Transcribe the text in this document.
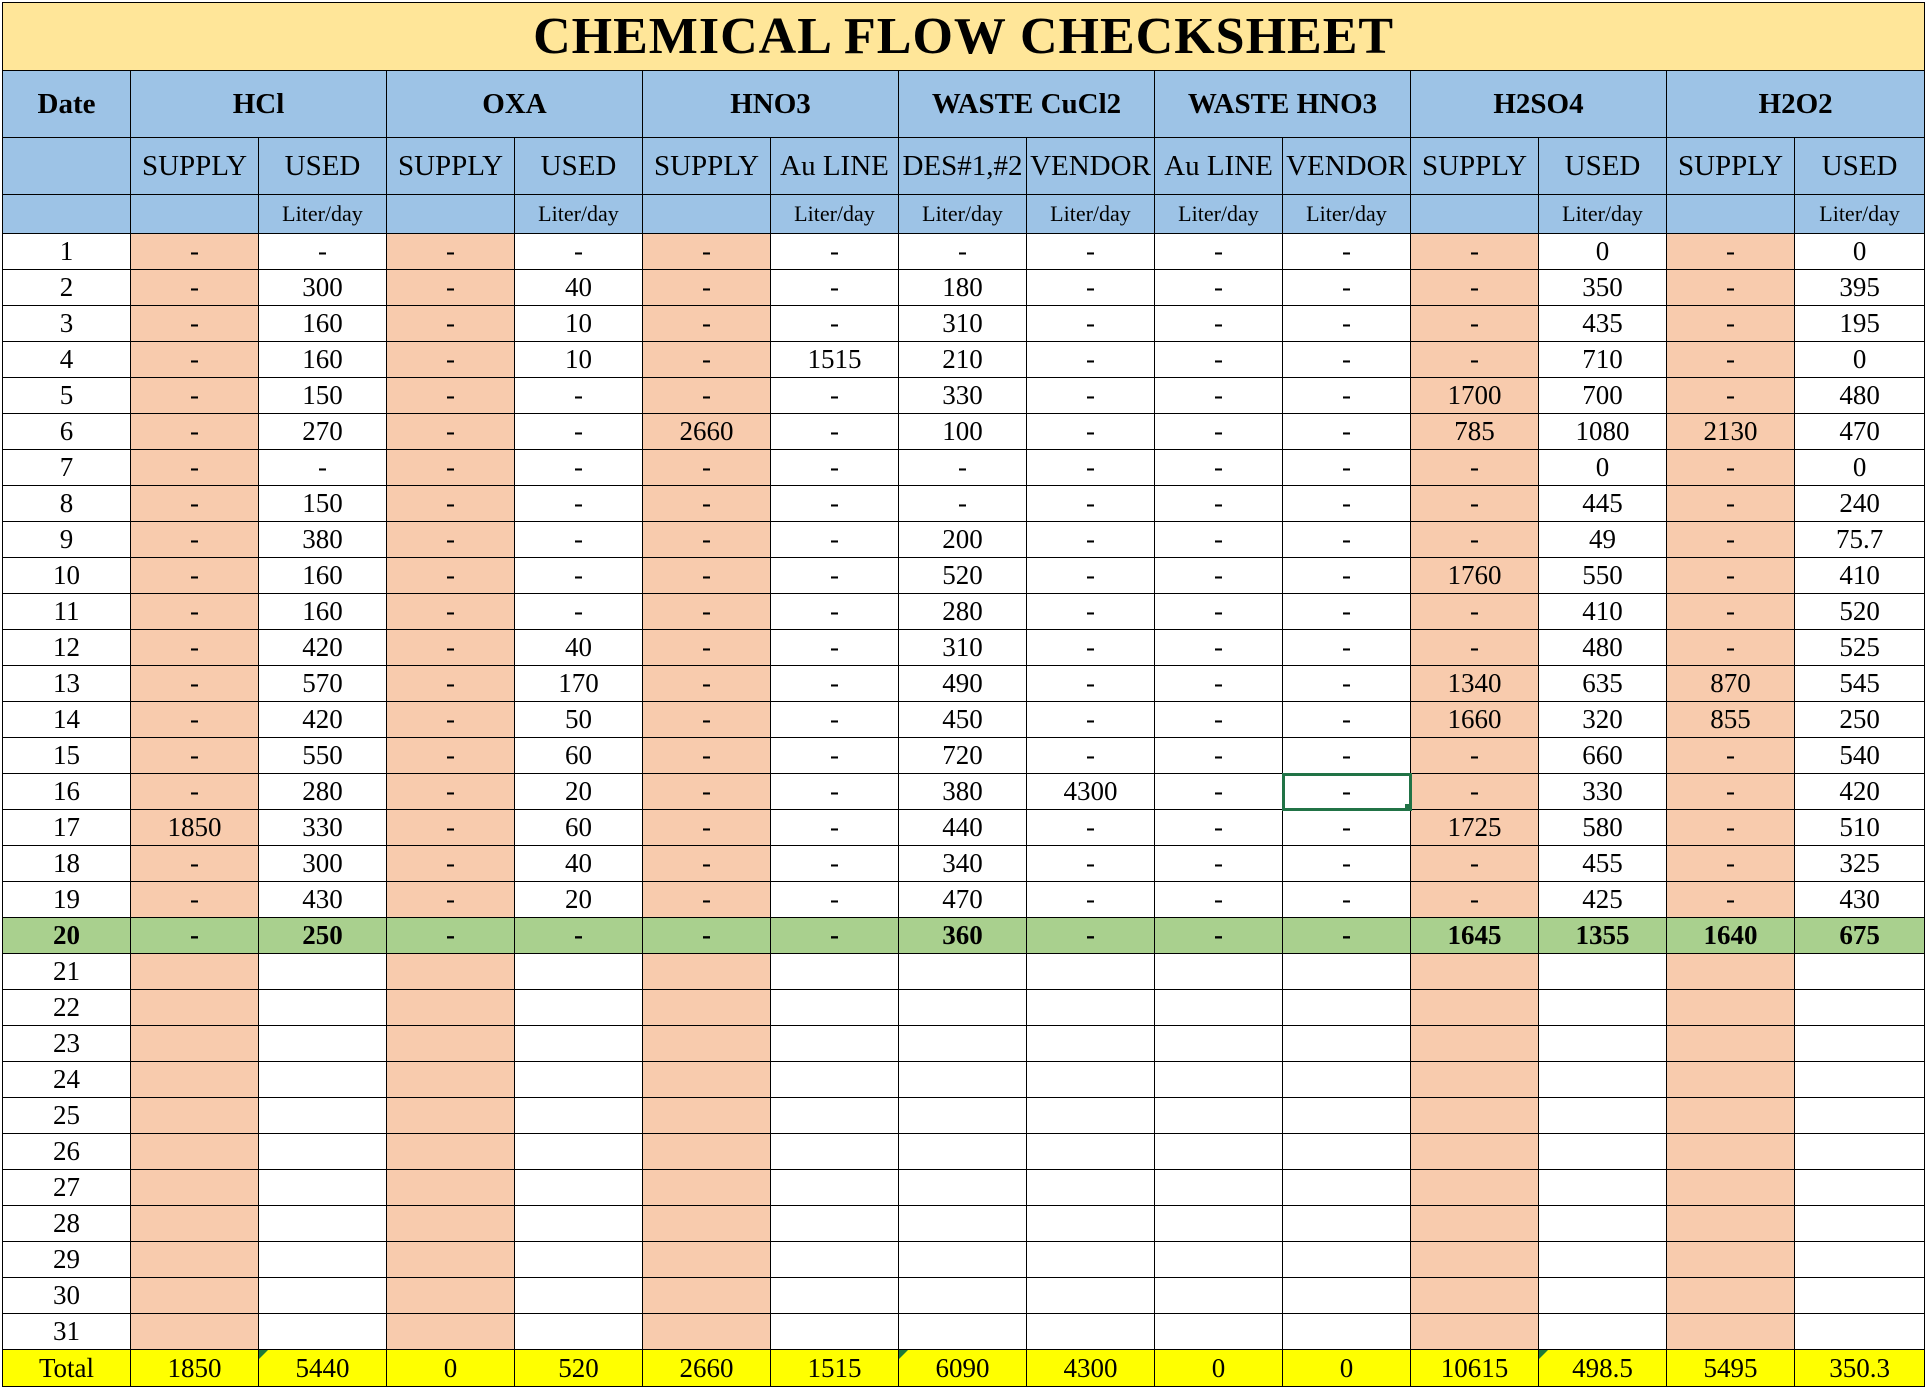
CHEMICAL FLOW CHECKSHEET														
Date	HCl		OXA		HNO3		WASTE CuCl2		WASTE HNO3		H2SO4		H2O2	
	SUPPLY	USED	SUPPLY	USED	SUPPLY	Au LINE	DES#1,#2	VENDOR	Au LINE	VENDOR	SUPPLY	USED	SUPPLY	USED
		Liter/day		Liter/day		Liter/day	Liter/day	Liter/day	Liter/day	Liter/day		Liter/day		Liter/day
1	-	-	-	-	-	-	-	-	-	-	-	0	-	0
2	-	300	-	40	-	-	180	-	-	-	-	350	-	395
3	-	160	-	10	-	-	310	-	-	-	-	435	-	195
4	-	160	-	10	-	1515	210	-	-	-	-	710	-	0
5	-	150	-	-	-	-	330	-	-	-	1700	700	-	480
6	-	270	-	-	2660	-	100	-	-	-	785	1080	2130	470
7	-	-	-	-	-	-	-	-	-	-	-	0	-	0
8	-	150	-	-	-	-	-	-	-	-	-	445	-	240
9	-	380	-	-	-	-	200	-	-	-	-	49	-	75.7
10	-	160	-	-	-	-	520	-	-	-	1760	550	-	410
11	-	160	-	-	-	-	280	-	-	-	-	410	-	520
12	-	420	-	40	-	-	310	-	-	-	-	480	-	525
13	-	570	-	170	-	-	490	-	-	-	1340	635	870	545
14	-	420	-	50	-	-	450	-	-	-	1660	320	855	250
15	-	550	-	60	-	-	720	-	-	-	-	660	-	540
16	-	280	-	20	-	-	380	4300	-	-	-	330	-	420
17	1850	330	-	60	-	-	440	-	-	-	1725	580	-	510
18	-	300	-	40	-	-	340	-	-	-	-	455	-	325
19	-	430	-	20	-	-	470	-	-	-	-	425	-	430
20	-	250	-	-	-	-	360	-	-	-	1645	1355	1640	675
21														
22														
23														
24														
25														
26														
27														
28														
29														
30														
31														
Total	1850	5440	0	520	2660	1515	6090	4300	0	0	10615	498.5	5495	350.3
